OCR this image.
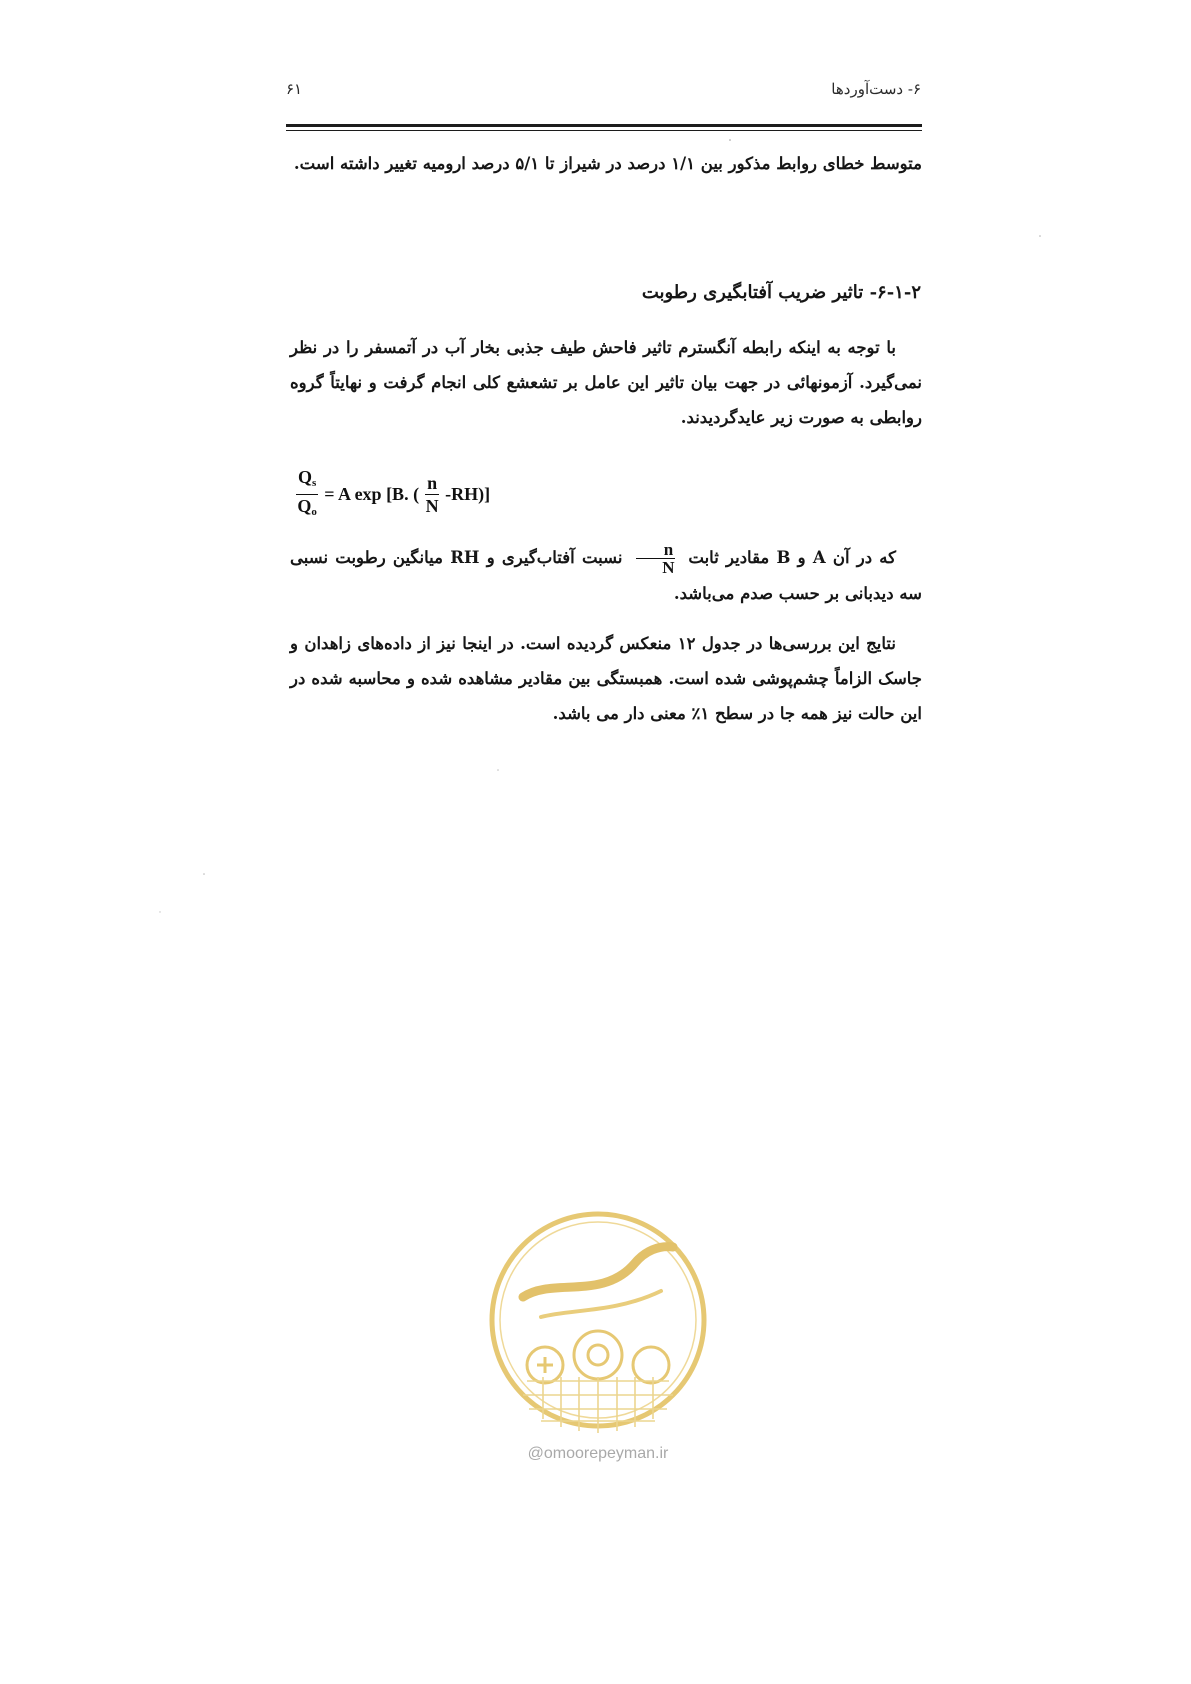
۶۱	۶- دست‌آوردها

متوسط خطای روابط مذکور بین ۱/۱ درصد در شیراز تا ۵/۱ درصد ارومیه تغییر داشته است.

۶-۱-۲- تاثیر ضریب آفتابگیری رطوبت

با توجه به اینکه رابطه آنگسترم تاثیر فاحش طیف جذبی بخار آب در آتمسفر را در نظر نمی‌گیرد. آزمونهائی در جهت بیان تاثیر این عامل بر تشعشع کلی انجام گرفت و نهایتاً گروه روابطی به صورت زیر عایدگردیدند.

$\frac{Q_s}{Q_o} = A$ exp [B. ( $\frac{n}{N} -RH$)]

که در آن A و B مقادیر ثابت
$\frac{n}{N}$
نسبت آفتاب‌گیری و RH میانگین رطوبت نسبی سه دیدبانی بر حسب صدم می‌باشد.

نتایج این بررسی‌ها در جدول ۱۲ منعکس گردیده است. در اینجا نیز از داده‌های زاهدان و جاسک الزاماً چشم‌پوشی شده است. همبستگی بین مقادیر مشاهده شده و محاسبه شده در این حالت نیز همه جا در سطح ۱٪ معنی دار می باشد.

@omoorepeyman.ir
